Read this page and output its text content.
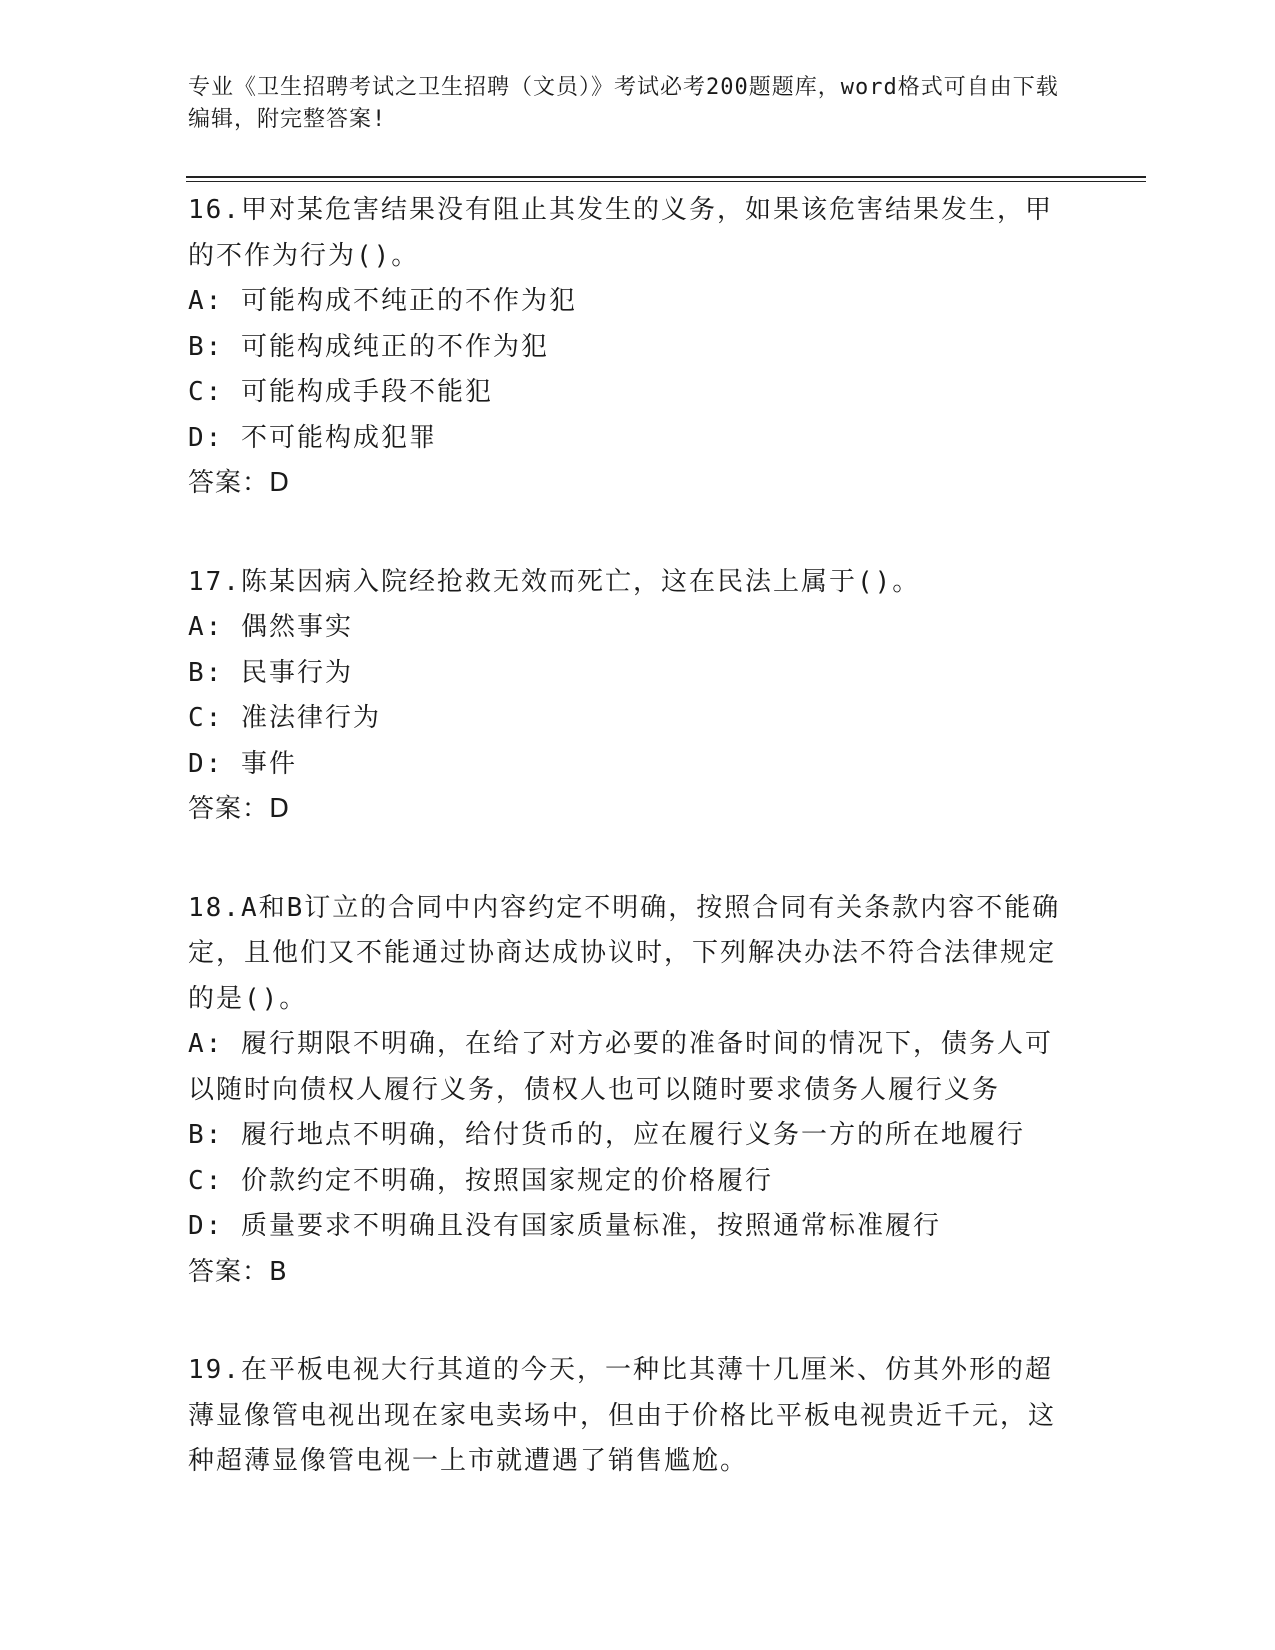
专业《卫生招聘考试之卫生招聘（文员）》考试必考200题题库，word格式可自由下载编辑，附完整答案!

16.甲对某危害结果没有阻止其发生的义务，如果该危害结果发生，甲的不作为行为()。

A: 可能构成不纯正的不作为犯

B: 可能构成纯正的不作为犯

C: 可能构成手段不能犯

D: 不可能构成犯罪

答案：D

17.陈某因病入院经抢救无效而死亡，这在民法上属于()。

A: 偶然事实

B: 民事行为

C: 准法律行为

D: 事件

答案：D

18.A和B订立的合同中内容约定不明确，按照合同有关条款内容不能确定，且他们又不能通过协商达成协议时，下列解决办法不符合法律规定的是()。

A: 履行期限不明确，在给了对方必要的准备时间的情况下，债务人可以随时向债权人履行义务，债权人也可以随时要求债务人履行义务

B: 履行地点不明确，给付货币的，应在履行义务一方的所在地履行

C: 价款约定不明确，按照国家规定的价格履行

D: 质量要求不明确且没有国家质量标准，按照通常标准履行

答案：B

19.在平板电视大行其道的今天，一种比其薄十几厘米、仿其外形的超薄显像管电视出现在家电卖场中，但由于价格比平板电视贵近千元，这种超薄显像管电视一上市就遭遇了销售尴尬。
